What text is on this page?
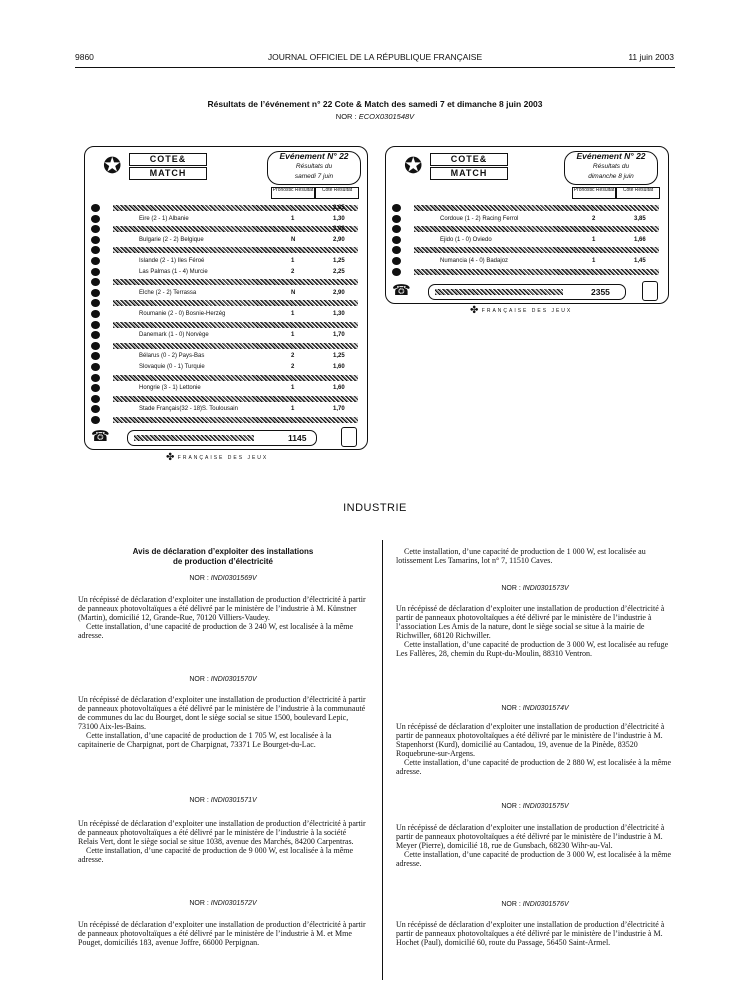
9860	JOURNAL OFFICIEL DE LA RÉPUBLIQUE FRANÇAISE	11 juin 2003
Résultats de l’événement n° 22 Cote & Match des samedi 7 et dimanche 8 juin 2003
NOR : ECOX0301548V
✪	COTE&
MATCH
Evénement N° 22
Résultats du
samedi 7 juin
Pronostic Resultat	Cote Resultat
2,85
Eire (2 - 1) Albanie	1	1,30
3,00
Bulgarie (2 - 2) Belgique	N	2,90
Islande (2 - 1) Iles Féroé	1	1,25
Las Palmas (1 - 4) Murcie	2	2,25
Elche (2 - 2) Terrassa	N	2,90
Roumanie (2 - 0) Bosnie-Herzég	1	1,30
Danemark (1 - 0) Norvège	1	1,70
Bélarus (0 - 2) Pays-Bas	2	1,25
Slovaquie (0 - 1) Turquie	2	1,60
Hongrie (3 - 1) Lettonie	1	1,60
Stade Français(32 - 18)S. Toulousain	1	1,70
☎	1145
✤ FRANÇAISE DES JEUX
✪	COTE&
MATCH
Evénement N° 22
Résultats du
dimanche 8 juin
Pronostic Resultat	Cote Resultat
Cordoue (1 - 2) Racing Ferrol	2	3,85
Ejido (1 - 0) Oviedo	1	1,66
Numancia (4 - 0) Badajoz	1	1,45
☎	2355
✤ FRANÇAISE DES JEUX
INDUSTRIE
Avis de déclaration d’exploiter des installations
de production d’électricité
NOR : INDI0301569V

Un récépissé de déclaration d’exploiter une installation de production d’électricité à partir de panneaux photovoltaïques a été délivré par le ministère de l’industrie à M. Künstner (Martin), domicilié 12, Grande-Rue, 70120 Villiers-Vaudey.

Cette installation, d’une capacité de production de 3 240 W, est localisée à la même adresse.

NOR : INDI0301570V

Un récépissé de déclaration d’exploiter une installation de production d’électricité à partir de panneaux photovoltaïques a été délivré par le ministère de l’industrie à la communauté de communes du lac du Bourget, dont le siège social se situe 1500, boulevard Lepic, 73100 Aix-les-Bains.

Cette installation, d’une capacité de production de 1 705 W, est localisée à la capitainerie de Charpignat, port de Charpignat, 73371 Le Bourget-du-Lac.

NOR : INDI0301571V

Un récépissé de déclaration d’exploiter une installation de production d’électricité à partir de panneaux photovoltaïques a été délivré par le ministère de l’industrie à la société Relais Vert, dont le siège social se situe 1038, avenue des Marchés, 84200 Carpentras.

Cette installation, d’une capacité de production de 9 000 W, est localisée à la même adresse.

NOR : INDI0301572V

Un récépissé de déclaration d’exploiter une installation de production d’électricité à partir de panneaux photovoltaïques a été délivré par le ministère de l’industrie à M. et Mme Pouget, domiciliés 183, avenue Joffre, 66000 Perpignan.

Cette installation, d’une capacité de production de 1 000 W, est localisée au lotissement Les Tamarins, lot n° 7, 11510 Caves.

NOR : INDI0301573V

Un récépissé de déclaration d’exploiter une installation de production d’électricité à partir de panneaux photovoltaïques a été délivré par le ministère de l’industrie à l’association Les Amis de la nature, dont le siège social se situe à la mairie de Richwiller, 68120 Richwiller.

Cette installation, d’une capacité de production de 3 000 W, est localisée au refuge Les Fallères, 28, chemin du Rupt-du-Moulin, 88310 Ventron.

NOR : INDI0301574V

Un récépissé de déclaration d’exploiter une installation de production d’électricité à partir de panneaux photovoltaïques a été délivré par le ministère de l’industrie à M. Stapenhorst (Kurd), domicilié au Cantadou, 19, avenue de la Pinède, 83520 Roquebrune-sur-Argens.

Cette installation, d’une capacité de production de 2 880 W, est localisée à la même adresse.

NOR : INDI0301575V

Un récépissé de déclaration d’exploiter une installation de production d’électricité à partir de panneaux photovoltaïques a été délivré par le ministère de l’industrie à M. Meyer (Pierre), domicilié 18, rue de Gunsbach, 68230 Wihr-au-Val.

Cette installation, d’une capacité de production de 3 000 W, est localisée à la même adresse.

NOR : INDI0301576V

Un récépissé de déclaration d’exploiter une installation de production d’électricité à partir de panneaux photovoltaïques a été délivré par le ministère de l’industrie à M. Hochet (Paul), domicilié 60, route du Passage, 56450 Saint-Armel.
